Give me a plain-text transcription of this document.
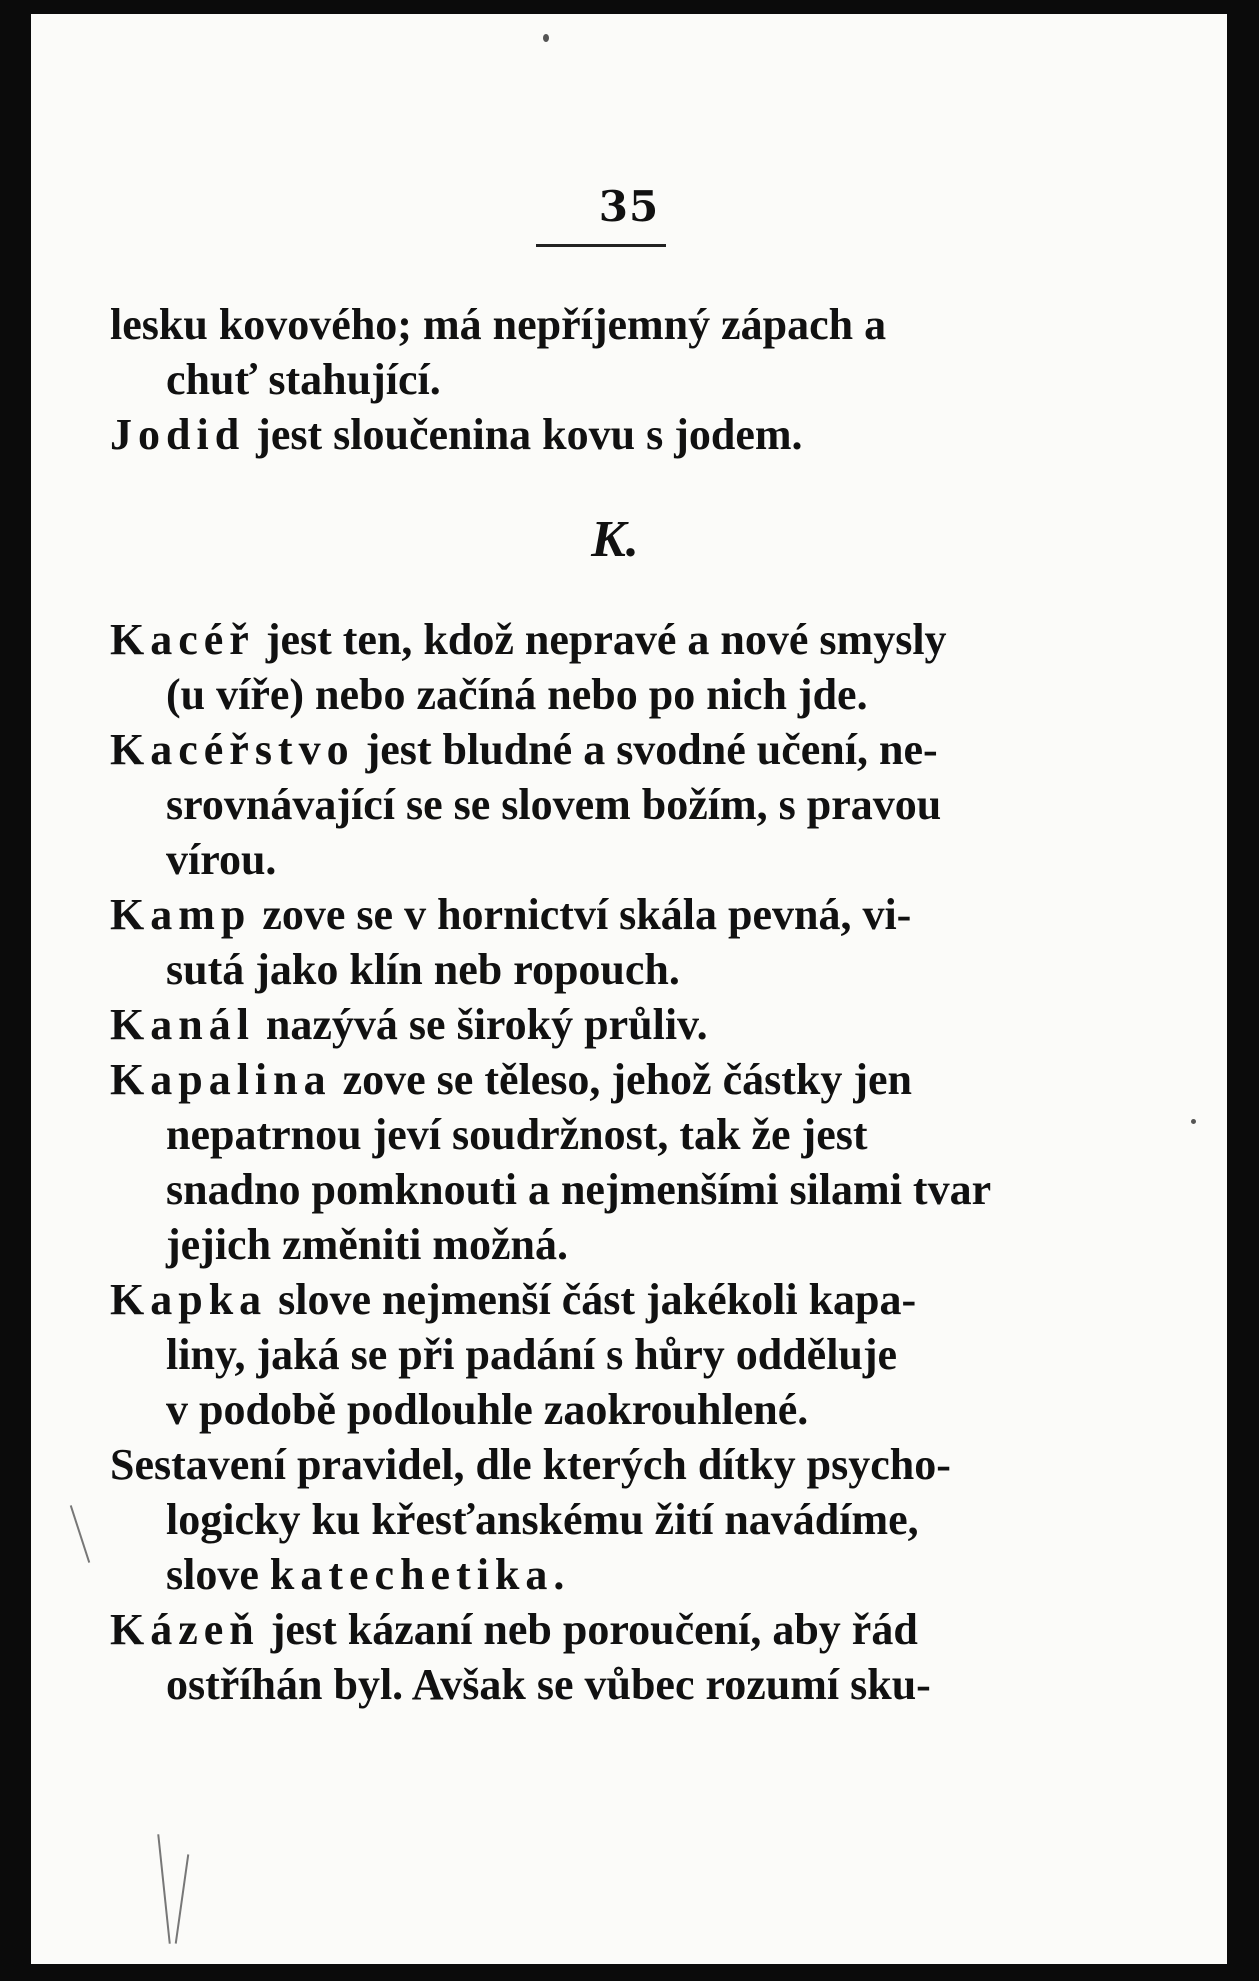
35

lesku kovového; má nepříjemný zápach a
chuť stahující.

Jodid jest sloučenina kovu s jodem.

K.

Kacéř jest ten, kdož nepravé a nové smysly
(u víře) nebo začíná nebo po nich jde.

Kacéřstvo jest bludné a svodné učení, ne-
srovnávající se se slovem božím, s pravou
vírou.

Kamp zove se v hornictví skála pevná, vi-
sutá jako klín neb ropouch.

Kanál nazývá se široký průliv.

Kapalina zove se těleso, jehož částky jen
nepatrnou jeví soudržnost, tak že jest
snadno pomknouti a nejmenšími silami tvar
jejich změniti možná.

Kapka slove nejmenší část jakékoli kapa-
liny, jaká se při padání s hůry odděluje
v podobě podlouhle zaokrouhlené.

Sestavení pravidel, dle kterých dítky psycho-
logicky ku křesťanskému žití navádíme,
slove katechetika.

Kázeň jest kázaní neb poroučení, aby řád
ostříhán byl. Avšak se vůbec rozumí sku-
